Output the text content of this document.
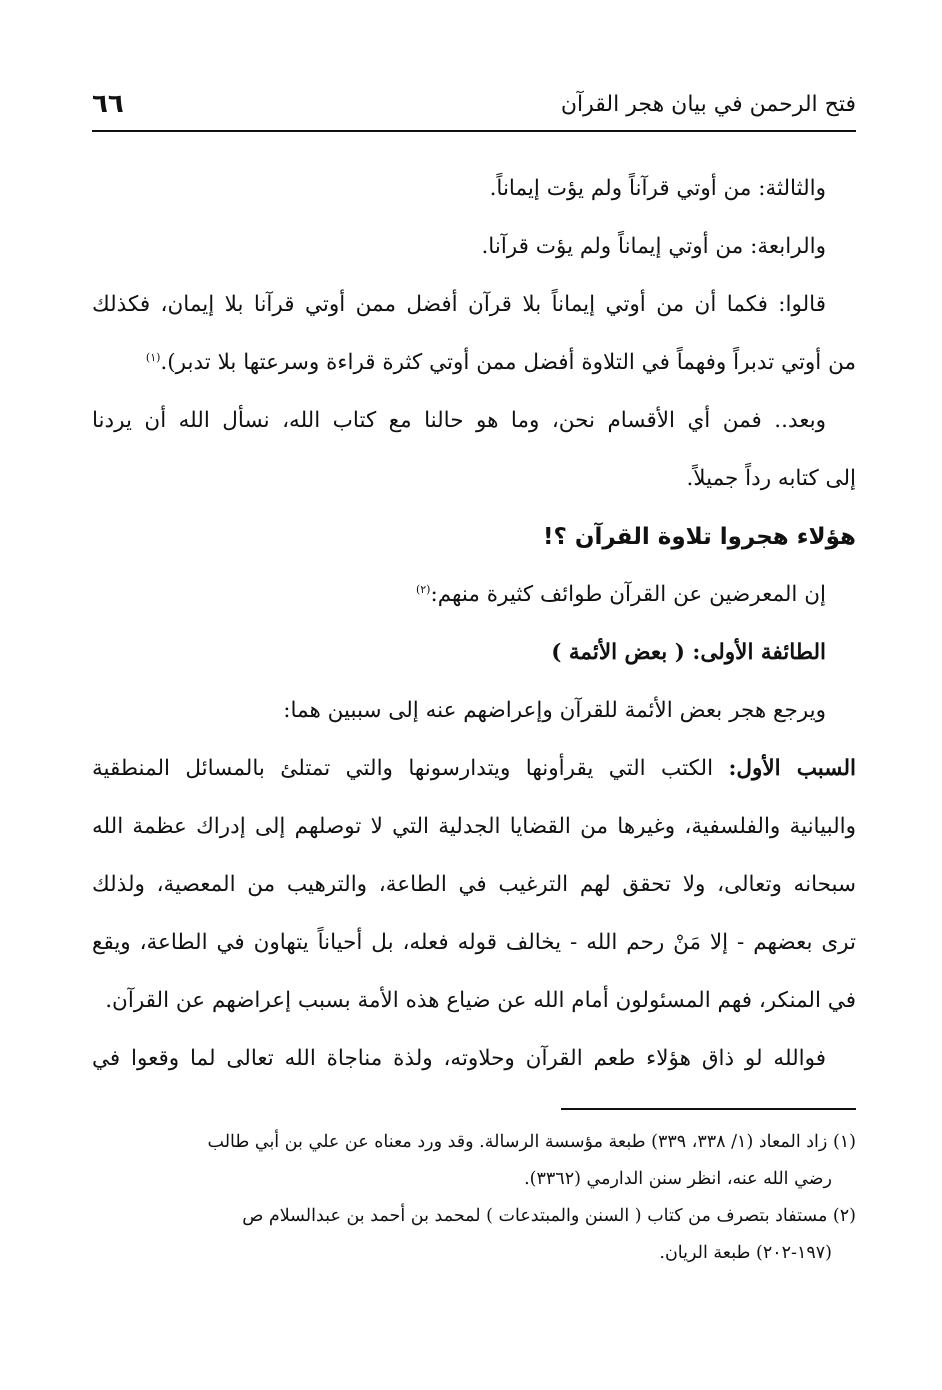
فتح الرحمن في بيان هجر القرآن
٦٦
والثالثة: من أوتي قرآناً ولم يؤت إيماناً.
والرابعة: من أوتي إيماناً ولم يؤت قرآنا.
قالوا: فكما أن من أوتي إيماناً بلا قرآن أفضل ممن أوتي قرآنا بلا إيمان، فكذلك
من أوتي تدبراً وفهماً في التلاوة أفضل ممن أوتي كثرة قراءة وسرعتها بلا تدبر).$^{(١)}$
وبعد.. فمن أي الأقسام نحن، وما هو حالنا مع كتاب الله، نسأل الله أن يردنا
إلى كتابه رداً جميلاً.
هؤلاء هجروا تلاوة القرآن ؟!
إن المعرضين عن القرآن طوائف كثيرة منهم:$^{(٢)}$
الطائفة الأولى: ( بعض الأئمة )
ويرجع هجر بعض الأئمة للقرآن وإعراضهم عنه إلى سببين هما:
السبب الأول: الكتب التي يقرأونها ويتدارسونها والتي تمتلئ بالمسائل المنطقية
والبيانية والفلسفية، وغيرها من القضايا الجدلية التي لا توصلهم إلى إدراك عظمة الله
سبحانه وتعالى، ولا تحقق لهم الترغيب في الطاعة، والترهيب من المعصية، ولذلك
ترى بعضهم - إلا مَنْ رحم الله - يخالف قوله فعله، بل أحياناً يتهاون في الطاعة، ويقع
في المنكر، فهم المسئولون أمام الله عن ضياع هذه الأمة بسبب إعراضهم عن القرآن.
فوالله لو ذاق هؤلاء طعم القرآن وحلاوته، ولذة مناجاة الله تعالى لما وقعوا في
(١) زاد المعاد (١/ ٣٣٨، ٣٣٩) طبعة مؤسسة الرسالة. وقد ورد معناه عن علي بن أبي طالب
رضي الله عنه، انظر سنن الدارمي (٣٣٦٢).
(٢) مستفاد بتصرف من كتاب ( السنن والمبتدعات ) لمحمد بن أحمد بن عبدالسلام ص
(١٩٧-٢٠٢) طبعة الريان.
